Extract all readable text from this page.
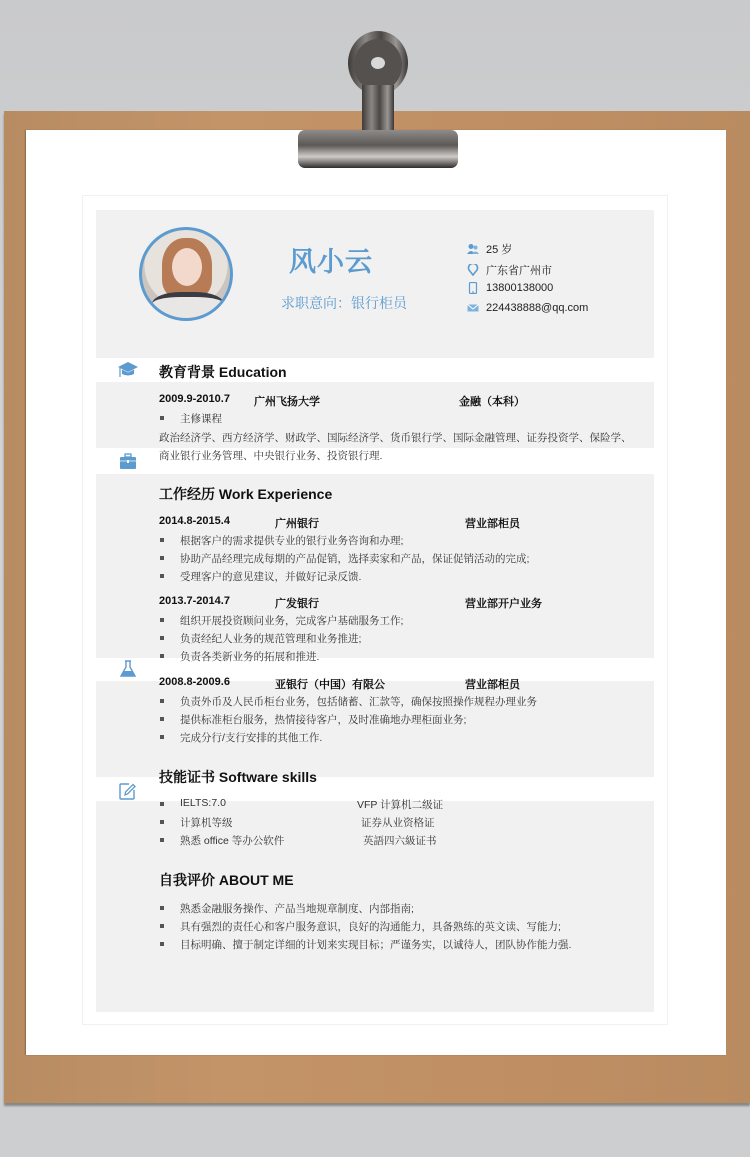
风小云
求职意向：银行柜员
25 岁
广东省广州市
13800138000
224438888@qq.com
教育背景 Education
2009.9-2010.7 广州飞扬大学	金融（本科）
主修课程
政治经济学、西方经济学、财政学、国际经济学、货币银行学、国际金融管理、证券投资学、保险学、
商业银行业务管理、中央银行业务、投资银行理.
工作经历 Work Experience
2014.8-2015.4	广州银行	营业部柜员
根据客户的需求提供专业的银行业务咨询和办理;
协助产品经理完成每期的产品促销，选择卖家和产品，保证促销活动的完成;
受理客户的意见建议，并做好记录反馈.
2013.7-2014.7	广发银行	营业部开户业务
组织开展投资顾问业务，完成客户基础服务工作;
负责经纪人业务的规范管理和业务推进;
负责各类新业务的拓展和推进.
2008.8-2009.6	亚银行（中国）有限公	营业部柜员
负责外币及人民币柜台业务，包括储蓄、汇款等，确保按照操作规程办理业务
提供标准柜台服务，热情接待客户，及时准确地办理柜面业务;
完成分行/支行安排的其他工作.
技能证书 Software skills
IELTS:7.0	VFP 计算机二级证
计算机等级	证券从业资格证
熟悉 office 等办公软件	英語四六級证书
自我评价 ABOUT ME
熟悉金融服务操作、产品当地规章制度、内部指南;
具有强烈的责任心和客户服务意识，良好的沟通能力，具备熟练的英文读、写能力;
目标明确、擅于制定详细的计划来实现目标；严谨务实，以诚待人，团队协作能力强.
